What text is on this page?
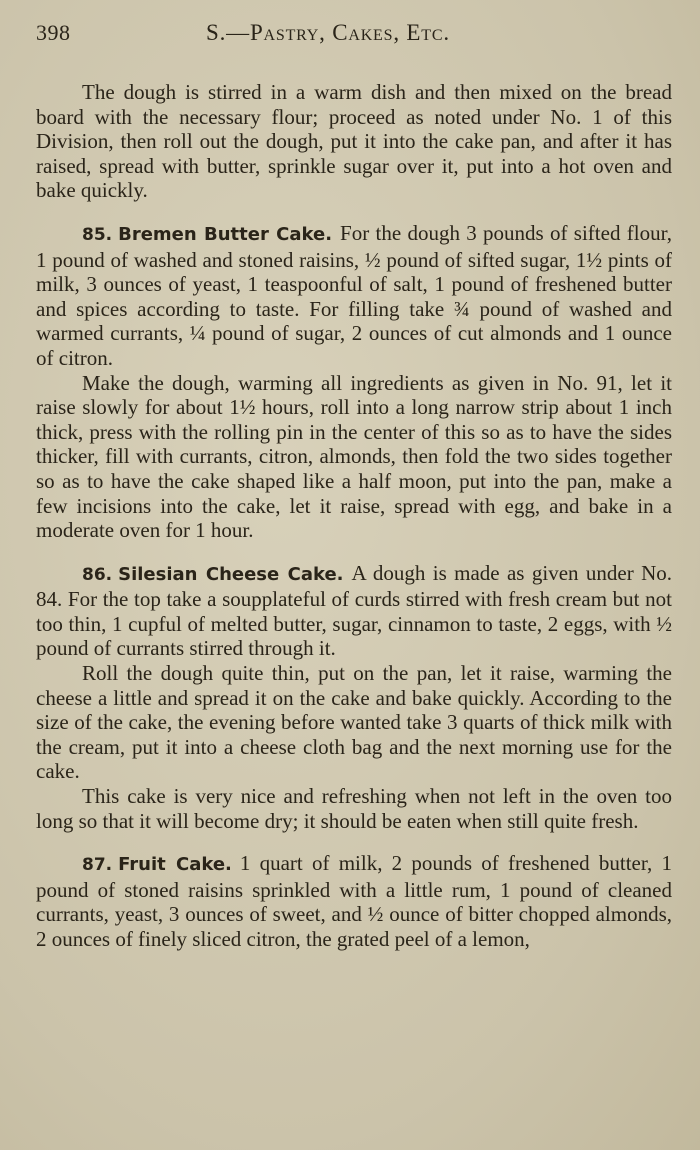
398	S.—Pastry, Cakes, Etc.

The dough is stirred in a warm dish and then mixed on the bread board with the necessary flour; proceed as noted under No. 1 of this Division, then roll out the dough, put it into the cake pan, and after it has raised, spread with butter, sprinkle sugar over it, put into a hot oven and bake quickly.

85. Bremen Butter Cake. For the dough 3 pounds of sifted flour, 1 pound of washed and stoned raisins, ½ pound of sifted sugar, 1½ pints of milk, 3 ounces of yeast, 1 teaspoonful of salt, 1 pound of freshened butter and spices according to taste. For filling take ¾ pound of washed and warmed currants, ¼ pound of sugar, 2 ounces of cut almonds and 1 ounce of citron.

Make the dough, warming all ingredients as given in No. 91, let it raise slowly for about 1½ hours, roll into a long narrow strip about 1 inch thick, press with the rolling pin in the center of this so as to have the sides thicker, fill with currants, citron, almonds, then fold the two sides together so as to have the cake shaped like a half moon, put into the pan, make a few incisions into the cake, let it raise, spread with egg, and bake in a moderate oven for 1 hour.

86. Silesian Cheese Cake. A dough is made as given under No. 84. For the top take a soupplateful of curds stirred with fresh cream but not too thin, 1 cupful of melted butter, sugar, cinnamon to taste, 2 eggs, with ½ pound of currants stirred through it.

Roll the dough quite thin, put on the pan, let it raise, warming the cheese a little and spread it on the cake and bake quickly. According to the size of the cake, the evening before wanted take 3 quarts of thick milk with the cream, put it into a cheese cloth bag and the next morning use for the cake.

This cake is very nice and refreshing when not left in the oven too long so that it will become dry; it should be eaten when still quite fresh.

87. Fruit Cake. 1 quart of milk, 2 pounds of freshened butter, 1 pound of stoned raisins sprinkled with a little rum, 1 pound of cleaned currants, yeast, 3 ounces of sweet, and ½ ounce of bitter chopped almonds, 2 ounces of finely sliced citron, the grated peel of a lemon,
